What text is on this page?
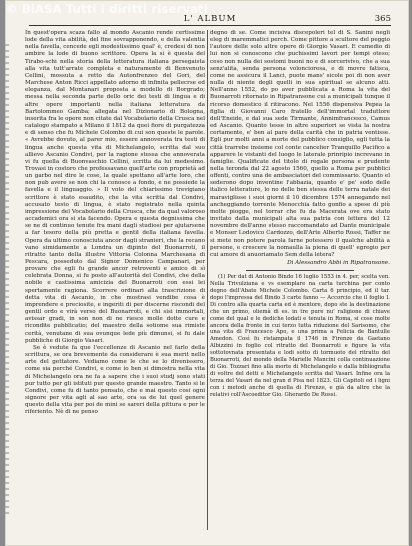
© BiASA Tutti i diritti riservati
L' ALBUM	365

In quest'opera scaza fallo al mondo Ascanio rende certissime lode della vita abilità, del fine sovrapponendo, e della valentia nella favella, cencede egli modestissimo qual' è, credesi di non ambire la lode di buono scrittore. Opera la sì è questa del Tirabo-schi nella storia della letteratura italiana persegaista alla vita tutt'arrate completa e naturamente di Benvenuto Cellini, mossuta a retto da Autonfrenzeo del Gori, del Marchese Anton Ricci appellato adorno di infinita pellecrse ed eleganza, dal Montanari proposta a modello di Borgrado; messa nella seconda parte dello oric dei testi di lingua e di altre opere importanti nella italiana letteratura da Bartolommeo Gamba; allegata nel Dizionario di Bologna, inserita fra le opere non citate dal Vocabolario della Crusca nel catalogo stampato a Milano il 1812 da quei fiore di purgatezza e di senso che fu Michele Colombo di cui son queste le parole. « Avrebbe dovuto, al parer mio, essere annoverata tra testi di lingua anche questa vita di Michelangelo, scritta dal suo allievo Ascanio Condivi, per la ragione stessa che annoverata vi fu quella di Buonvaschio Cellini, scritta da lui medesimo. Trovasi in costoro che professavano quell'arte con proprietà ad un garbo nel dire le cose, la quale spettano all'arte loro, che non pub avere se non chi la conosce a fondo, e ne possiede la favella e il linguaggio. » Il voto del chiarissimo trevigiano scrittore è stato esaudito, che la vita scritta dal Condivi, accusato testo di lingua, è stato registrato nella quinta impressione del Vocabolario della Crusca, che da qual valoroso accademici ora si sta facendo. Opera e questa degnissima che se ne di continuo tenute fra mani dagli studiosi per ajutarsene a far tesoro della più pretta e gentil della italiana favella. Opera da ultimo conosciuta ancor dagli stranieri, che la recano vano simidamente a Londra un dipinto del Buonarroti, il ritratto tanto della illustre Vittoria Colonna Marchesana di Pescara, posseduto dal Signor Domenico Campanari, per provare che egli fu grande ancor retroventi e amico di sì celebrata Donna, si fu posto all'autorità del Condivi, che della nobile e castissima amicizia del Buonarroti con essi lei spertamente ragiona. Scorrere ordinari alla trascrizione di detta vita di Ascanio, in che mostrasi vendibe cosa è imprendere e preciosite, e ingeriti di per discerne riscondi del gentil ordo e virà verso del Buonarroti, e chi sisi immortali, avissar gradi, in son non di ne riesce molle dotte cure e ricondite pubblicatio; del maestro della sotiome sua rimiste cerità, venutane di sua ovunque lede più dimunsi, si fu dale pubbliche di Giorgio Vasari.

Se è vedute fa que l'eccellenze di Ascanio nel farlo della scrittura, se ora brevemente da considerare è sua merit nello arte del gettatore. Vediamo come le che se lo divenissero, come sia perché Condivi, e come io ben si dimostra nella vita di Michelangelo ora ne fa a sapere che i suoi studj sono stati pur tutto per gli istituti pur questo grande maestro. Tanto si le Condivi, come fu di tanto pensato, che e mai questo cosi ogni signore per vita agli al sao arte, ora sa de lui quel genere questo della vita per poi de mini se sareri della pittura e per le riferiento. Nè di ne penso

degno di se. Come incisiva discepoleri tel di S. Sanini negli eleg di maremmatici perch. Come pittore a scultore del peggio l'autore delle solo altre opere di Giorgio Vasari. E cumedio di lui non si conoscono che puchissimi lavori per tempi oteso; ceso non nulla dei sostomi buoni no e di sorcerivivo, che a sua senz'alita, senda persona voloncioresa, e di movre fatisca, come ne assicura il Lanci, puote mans' sicole poi di non aver nulla di niente degli quelli in sua spiritual se alcuno atti. Nell'anno 1552, do po aver pubblicata a Roma la vita del Buonarroti ritornato in Ripatransone cui a municipali tunque il ricorso domestico il ritiracono. Nel 1556 dispensiva Pepea la figlia di Giovanni Caro fratello dell'immortal traduttore dell'Eneide, e dal sua sede Tirmante, Annimfrancesco, Camus ed Ascanio. Quanto tesse in altre superiori se vista la nostra certamente, e' ben al pare della carità che in patria ventisse. Egli pur molti anni a morte del pubblico consiglio, egli tutta la città trarrebe insieme col conte cancelier Tranquillo Pacifico a apparere le vistanti del luogo le laterale prinripio increvano in famiglie. Qualificate del titolo di regale persona e prudente nella teronda dal 22 agosto 1560, quello a Roma per pubblici offenti, contro una de ambasciatori del commissario. Quanto el sederono dopo inventine l'abbazia, quanto e' pe' sodo delle italico letterature, lo no delle ben stessa delle terra natale dei maravigliose i suoi giorni il 10 dicembre 1574 annegando nel ancheggiando torrente Menocchia fatto gonfio a spese di più molte piogge, nel torrar che fu da Macerata ove era stato invitato dalla municipali alta sua patria con lettera del 12 novembre dell'anno stesso raccomandato ad Dante municipale e Monser Lodovico Cardozzo, dell'Arte Alberto Rossi, Taffer ne si mete non potere parola farne potessero il qualche abilità a persone, e crescere la nomaulla la piena di quell' egregio per cui amore di anuoriamato Sem della letera?

Di Alessandro Abbi in Ripatransone.

(1) Per dat di Antonio Bindo 16 luglio 1553 in 4. per, scelta ven. Nella Trivulziana e vs esemplare na carta turchina per conto degno dell'Abate Michele Colombo. Carta 6 principio, ed il tar. dopo l'impressa del Bindo 3 carte fanno — Accorcio che il foglio I. Di contro alla quarta carta ed è mentore, dopo ste la destinazione che un primo, oliemà di es. in tre pure nu' raligione di chiave come del qual e le dediche lodati e tenuta in Roma, si cose molte ancora della fronte in cui terzo tutta riduzione del Sarisomo, che una vita di Francesco Apo, e una prima a Felicia de Bantulle Amedon. Così fu ristampata il 1746 in Firenze da Gaetano Albizzini in foglio col ritratto del Buonarroti e figure la vita sottotovnata presentata e lodi sotto di tormuoto del ritratto del Buonarroti, del mondo della Marielle Mancini colla continuazione di Gio. Tozzari fino alla morte di Michelangelo e dalla bibliografia di voltre del detti e Michelangelo scritta dal Vasari. Infine ora la terza del Vasari da nel gran d Pisa nel 1823. Gli Capitoli ed i ligni con i metodi anche di quella di Firenze, e già da altre che la relativi coll'Ascoeditor Gio. Gherardo De Rossi.
